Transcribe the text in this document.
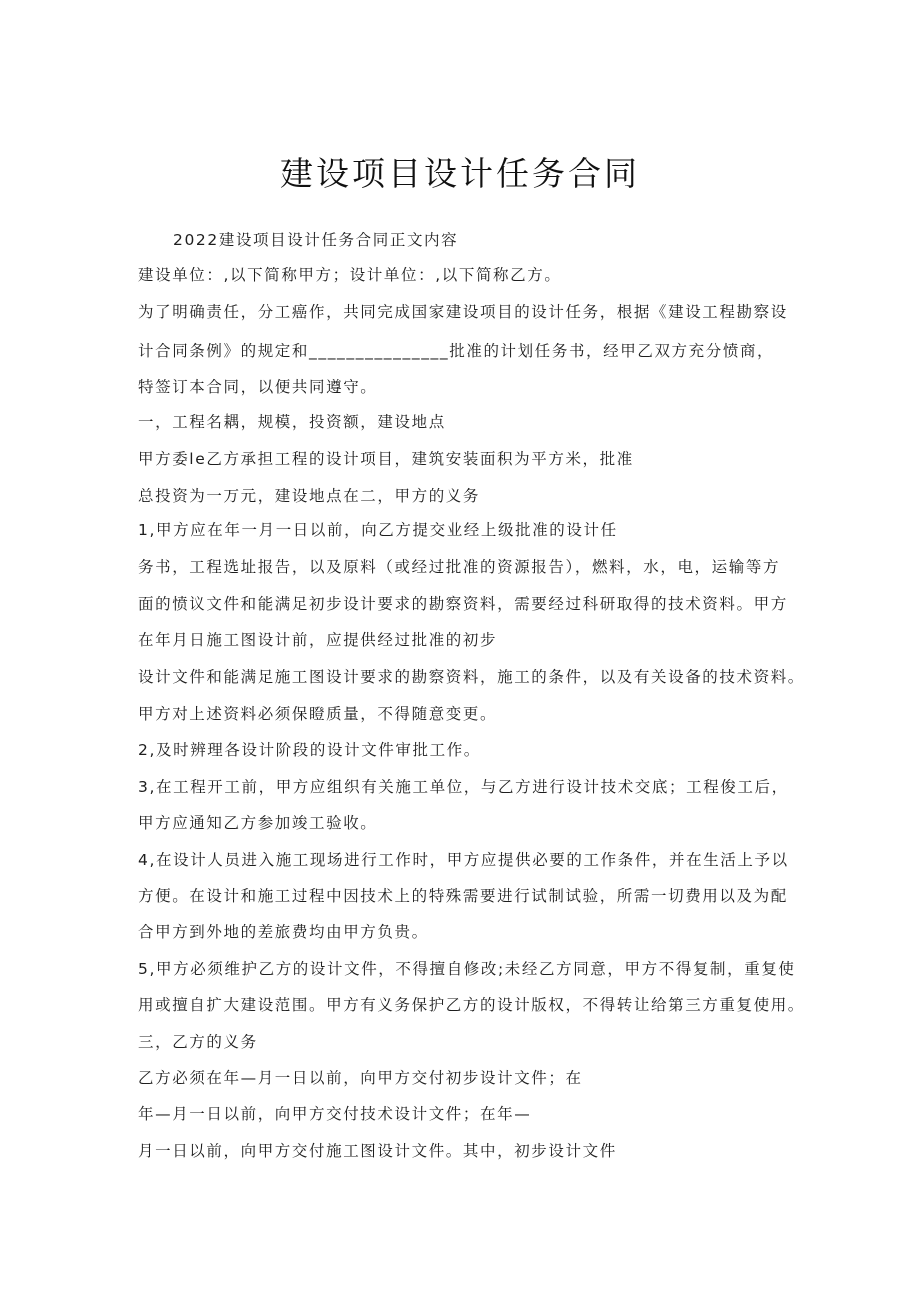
建设项目设计任务合同
2022建设项目设计任务合同正文内容
建设单位：,以下简称甲方；设计单位：,以下简称乙方。
为了明确责任，分工癌作，共同完成国家建设项目的设计任务，根据《建设工程勘察设
计合同条例》的规定和_______________批准的计划任务书，经甲乙双方充分愤商，
特签订本合同，以便共同遵守。
一，工程名耦，规模，投资额，建设地点
甲方委le乙方承担工程的设计项目，建筑安装面积为平方米，批准
总投资为一万元，建设地点在二，甲方的义务
1,甲方应在年一月一日以前，向乙方提交业经上级批准的设计任
务书，工程选址报告，以及原料（或经过批准的资源报告），燃料，水，电，运输等方
面的愤议文件和能满足初步设计要求的勘察资料，需要经过科研取得的技术资料。甲方
在年月日施工图设计前，应提供经过批准的初步
设计文件和能满足施工图设计要求的勘察资料，施工的条件，以及有关设备的技术资料。
甲方对上述资料必须保瞪质量，不得随意变更。
2,及时辨理各设计阶段的设计文件审批工作。
3,在工程开工前，甲方应组织有关施工单位，与乙方进行设计技术交底；工程俊工后，
甲方应通知乙方参加竣工验收。
4,在设计人员进入施工现场进行工作时，甲方应提供必要的工作条件，并在生活上予以
方便。在设计和施工过程中因技术上的特殊需要进行试制试验，所需一切费用以及为配
合甲方到外地的差旅费均由甲方负贵。
5,甲方必须维护乙方的设计文件，不得擅自修改;未经乙方同意，甲方不得复制，重复使
用或擅自扩大建设范围。甲方有义务保护乙方的设计版权，不得转让给第三方重复使用。
三，乙方的义务
乙方必须在年—月一日以前，向甲方交付初步设计文件；在
年—月一日以前，向甲方交付技术设计文件；在年—
月一日以前，向甲方交付施工图设计文件。其中，初步设计文件
